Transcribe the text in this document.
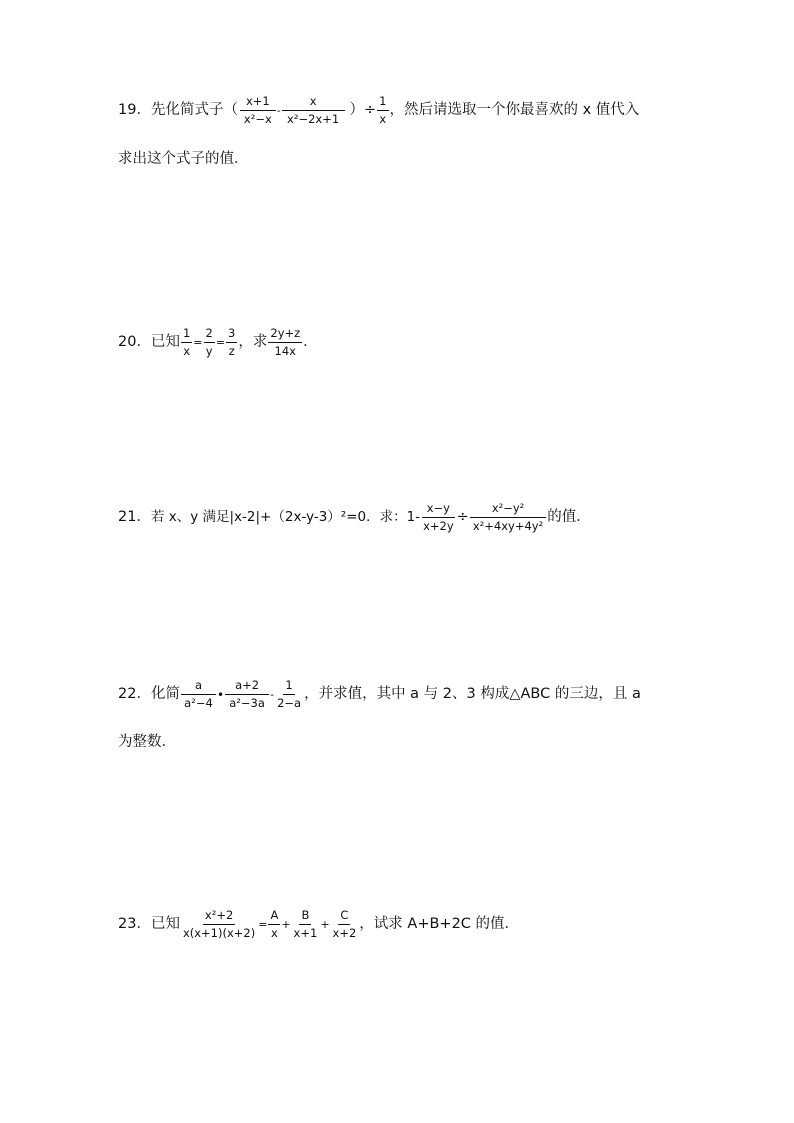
19． 先化简式子（ $\frac{x+1}{\text{x²−x}} - \frac{x}{\text{x²−2x+1}}$ ）÷ $\frac{1}{x}$ ，然后请选取一个你最喜欢的 x 值代入
求出这个式子的值．
20． 已知 $\frac{1}{x} = \frac{2}{y} = \frac{3}{z}$ ，求 $\frac{2y+z}{14x}$ ．
21． 若 x、y 满足|x-2|+（2x-y-3）²=0．求：$1- \frac{x-y}{x+2y} \div \frac{\text{x²−y²}}{\text{x²+4xy+4y²}}$ 的值．
22． 化简 $\frac{a}{\text{a²−4}}$ • $\frac{a+2}{\text{a²−3a}} - \frac{1}{2-a}$ ，并求值，其中 a 与 2、3 构成△ABC 的三边，且 a
为整数．
23． 已知 $\frac{\text{x²+2}}{x(x+1)(x+2)} = \frac{A}{x} + \frac{B}{x+1} + \frac{C}{x+2}$ ，试求 A+B+2C 的值．
